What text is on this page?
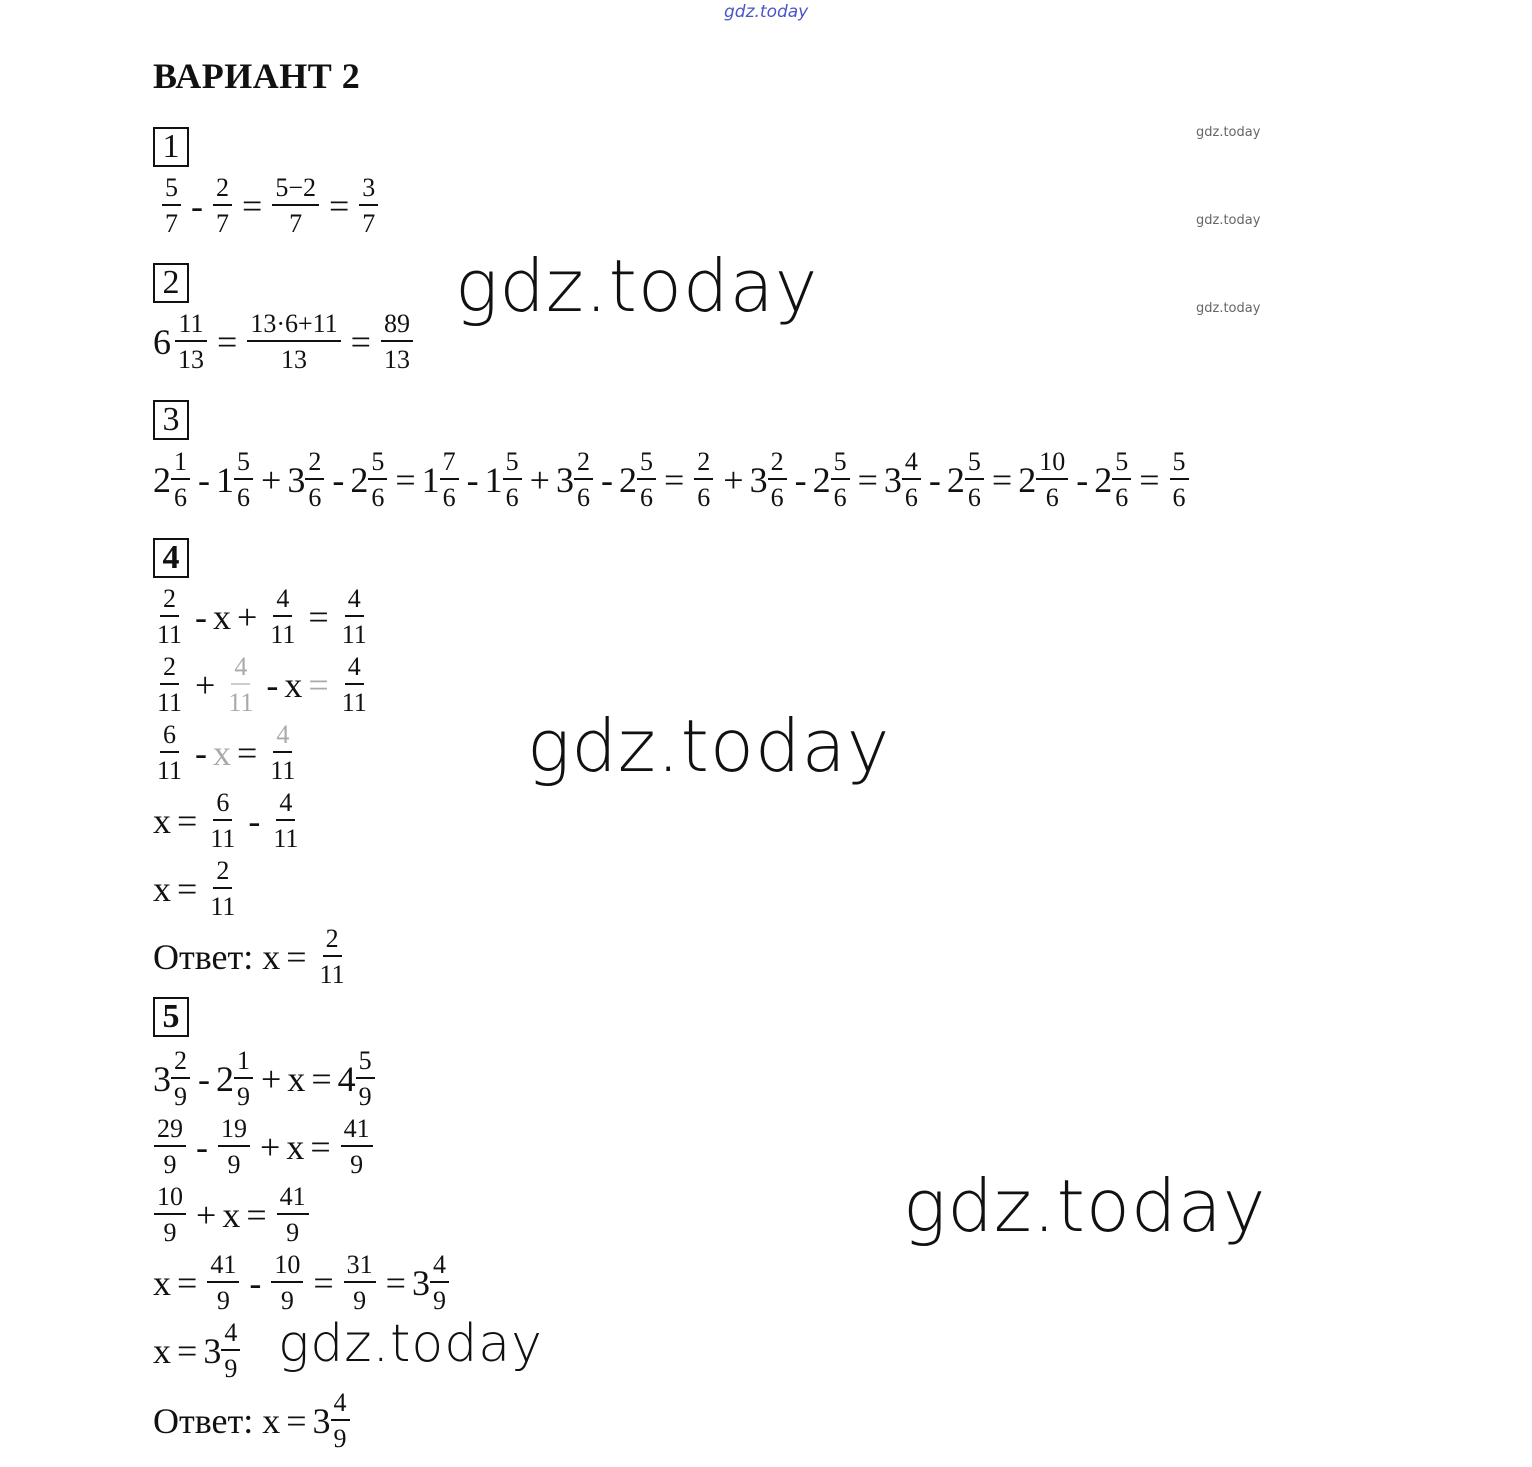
gdz.today
gdz.today
gdz.today
gdz.today
gdz.today
gdz.today
gdz.today
gdz.today
ВАРИАНТ 2
1
5
$7 - \frac{2}{7} = \frac{5-2}{7} = \frac{3}{7}$
2
$6 \frac{11}{13} = \frac{13\cdot 6+11}{13} = \frac{89}{13}$
3
2 1
6 - 1 5
6 + 3 2
$6 - 2 \frac{5}{6} = 1$ 7
6 - 1 5
6 + 3 2
$6 - 2 \frac{5}{6} = \frac{2}{6} + 3$ 2
$6 - 2 \frac{5}{6} = 3$ 4
$6 - 2 \frac{5}{6} = 2$ 10
$6 - 2 \frac{5}{6} = \frac{5}{6}$
4
2
$11 - x + \frac{4}{11} = \frac{4}{11}$
2
$11 + \frac{4}{11} - x = \frac{4}{11}$
6
$11 - x = \frac{4}{11}$
$x = \frac{6}{11} - 4$
11
$x = \frac{2}{11}$
Ответ:
$x = \frac{2}{11}$
5
3 2
9 - 2 1
9 + x = 4 5
9
29
9 - 19
$9 + x = \frac{41}{9}$
10
$9 + x = \frac{41}{9}$
$x = \frac{41}{9} - \frac{10}{9} = \frac{31}{9} = 3$ 4
9
x = 3 4
9
Ответ:
x = 3 4
9
